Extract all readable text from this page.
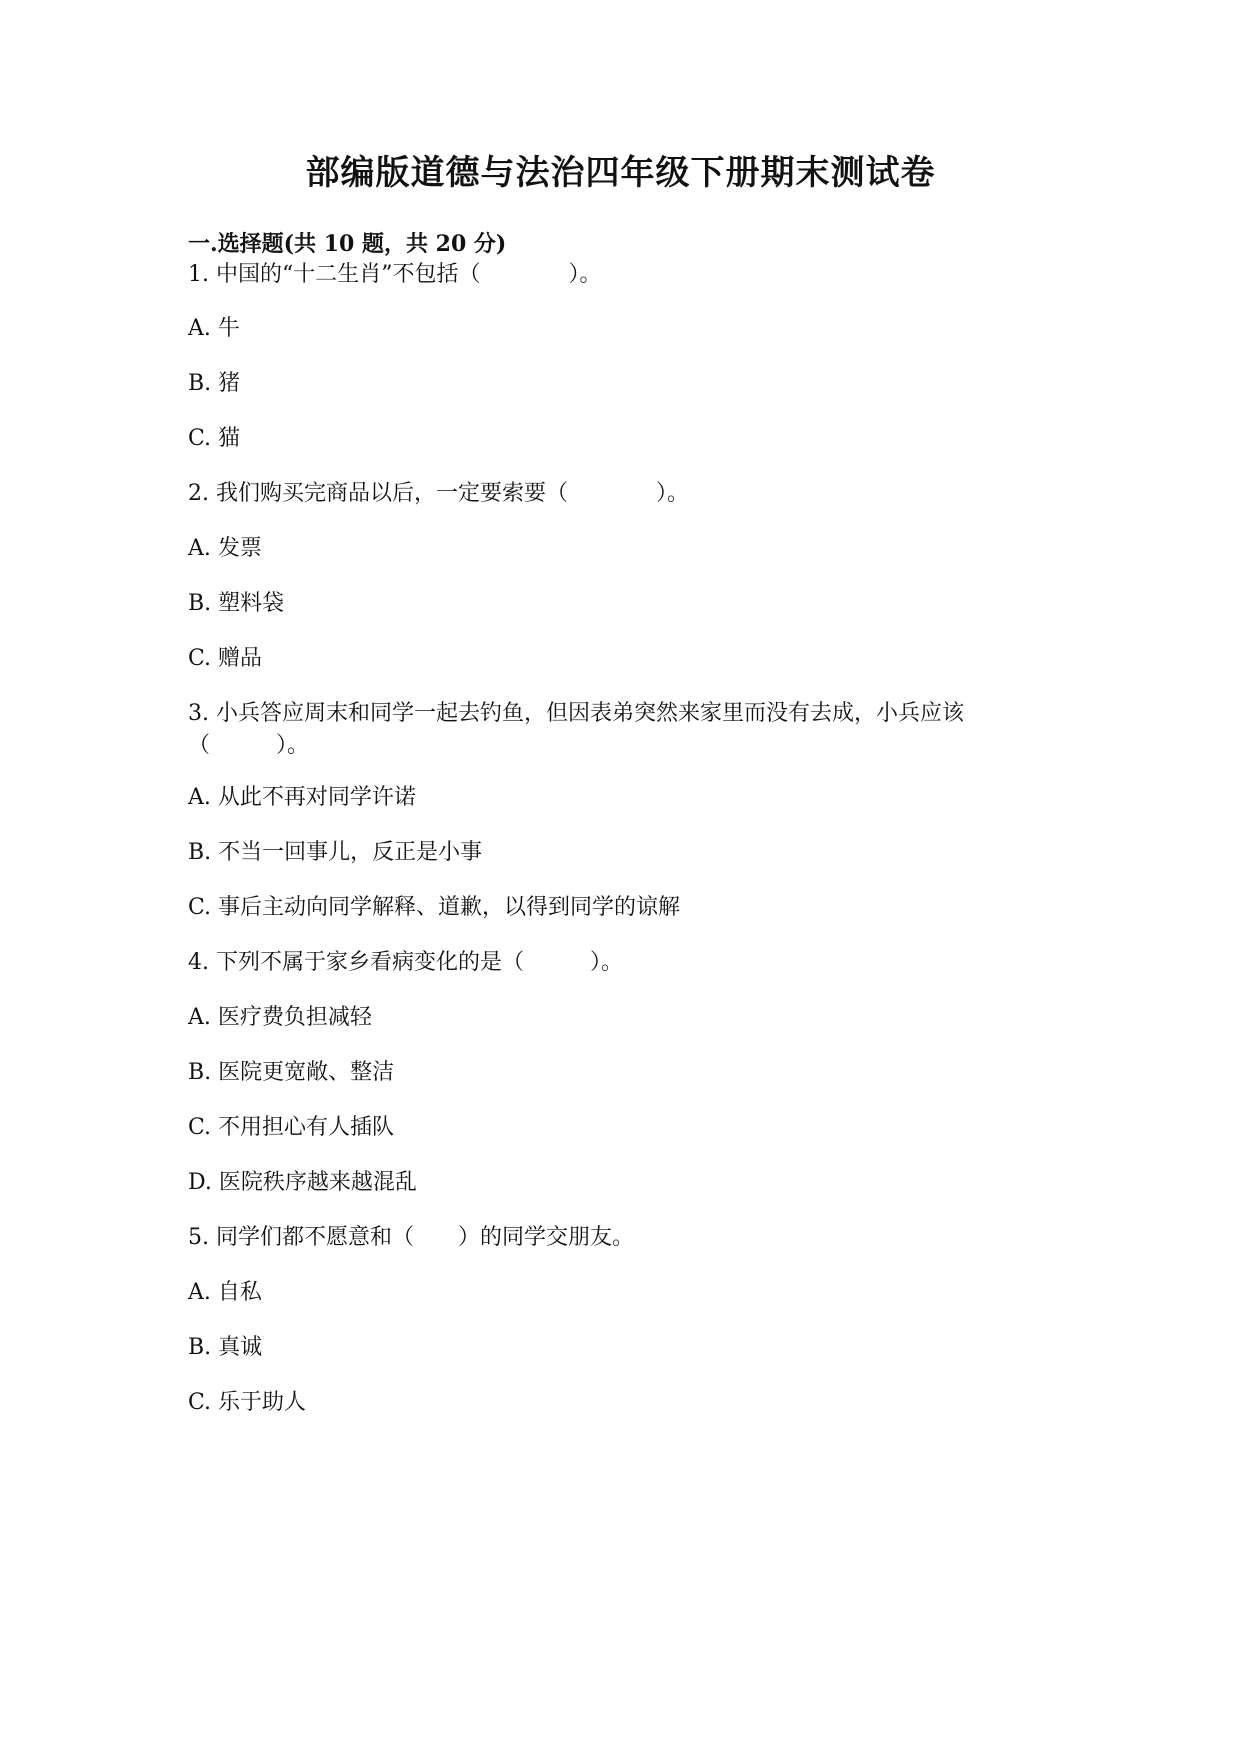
部编版道德与法治四年级下册期末测试卷

一.选择题(共 10 题，共 20 分)

1. 中国的“十二生肖”不包括（　　　　）。

A. 牛

B. 猪

C. 猫

2. 我们购买完商品以后，一定要索要（　　　　）。

A. 发票

B. 塑料袋

C. 赠品

3. 小兵答应周末和同学一起去钓鱼，但因表弟突然来家里而没有去成，小兵应该（　　　）。

A. 从此不再对同学许诺

B. 不当一回事儿，反正是小事

C. 事后主动向同学解释、道歉，以得到同学的谅解

4. 下列不属于家乡看病变化的是（　　　）。

A. 医疗费负担减轻

B. 医院更宽敞、整洁

C. 不用担心有人插队

D. 医院秩序越来越混乱

5. 同学们都不愿意和（　　）的同学交朋友。

A. 自私

B. 真诚

C. 乐于助人
